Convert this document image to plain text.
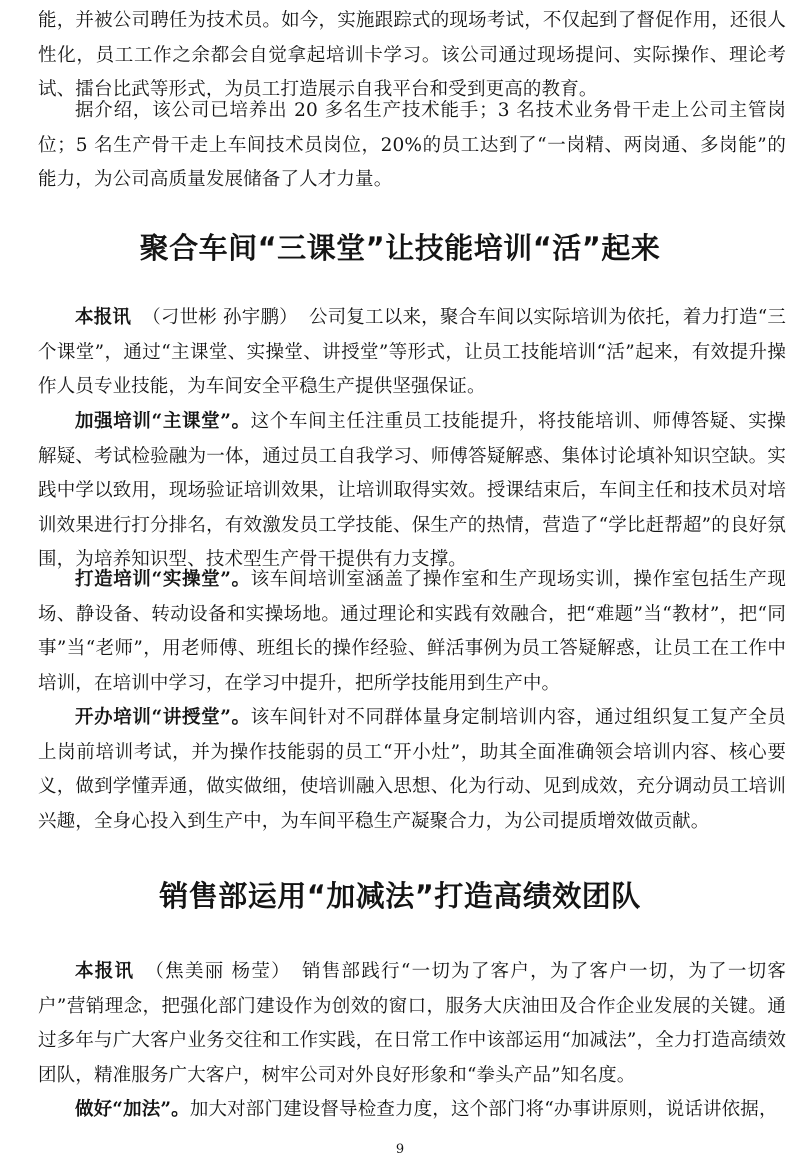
能，并被公司聘任为技术员。如今，实施跟踪式的现场考试，不仅起到了督促作用，还很人性化，员工工作之余都会自觉拿起培训卡学习。该公司通过现场提问、实际操作、理论考试、擂台比武等形式，为员工打造展示自我平台和受到更高的教育。

据介绍，该公司已培养出 20 多名生产技术能手；3 名技术业务骨干走上公司主管岗位；5 名生产骨干走上车间技术员岗位，20%的员工达到了“一岗精、两岗通、多岗能”的能力，为公司高质量发展储备了人才力量。

聚合车间“三课堂”让技能培训“活”起来

本报讯 （刁世彬 孙宇鹏） 公司复工以来，聚合车间以实际培训为依托，着力打造“三个课堂”，通过“主课堂、实操堂、讲授堂”等形式，让员工技能培训“活”起来，有效提升操作人员专业技能，为车间安全平稳生产提供坚强保证。

加强培训“主课堂”。这个车间主任注重员工技能提升，将技能培训、师傅答疑、实操解疑、考试检验融为一体，通过员工自我学习、师傅答疑解惑、集体讨论填补知识空缺。实践中学以致用，现场验证培训效果，让培训取得实效。授课结束后，车间主任和技术员对培训效果进行打分排名，有效激发员工学技能、保生产的热情，营造了“学比赶帮超”的良好氛围，为培养知识型、技术型生产骨干提供有力支撑。

打造培训“实操堂”。该车间培训室涵盖了操作室和生产现场实训，操作室包括生产现场、静设备、转动设备和实操场地。通过理论和实践有效融合，把“难题”当“教材”，把“同事”当“老师”，用老师傅、班组长的操作经验、鲜活事例为员工答疑解惑，让员工在工作中培训，在培训中学习，在学习中提升，把所学技能用到生产中。

开办培训“讲授堂”。该车间针对不同群体量身定制培训内容，通过组织复工复产全员上岗前培训考试，并为操作技能弱的员工“开小灶”，助其全面准确领会培训内容、核心要义，做到学懂弄通，做实做细，使培训融入思想、化为行动、见到成效，充分调动员工培训兴趣，全身心投入到生产中，为车间平稳生产凝聚合力，为公司提质增效做贡献。

销售部运用“加减法”打造高绩效团队

本报讯 （焦美丽 杨莹） 销售部践行“一切为了客户，为了客户一切，为了一切客户”营销理念，把强化部门建设作为创效的窗口，服务大庆油田及合作企业发展的关键。通过多年与广大客户业务交往和工作实践，在日常工作中该部运用“加减法”，全力打造高绩效团队，精准服务广大客户，树牢公司对外良好形象和“拳头产品”知名度。

做好“加法”。加大对部门建设督导检查力度，这个部门将“办事讲原则，说话讲依据，

9
